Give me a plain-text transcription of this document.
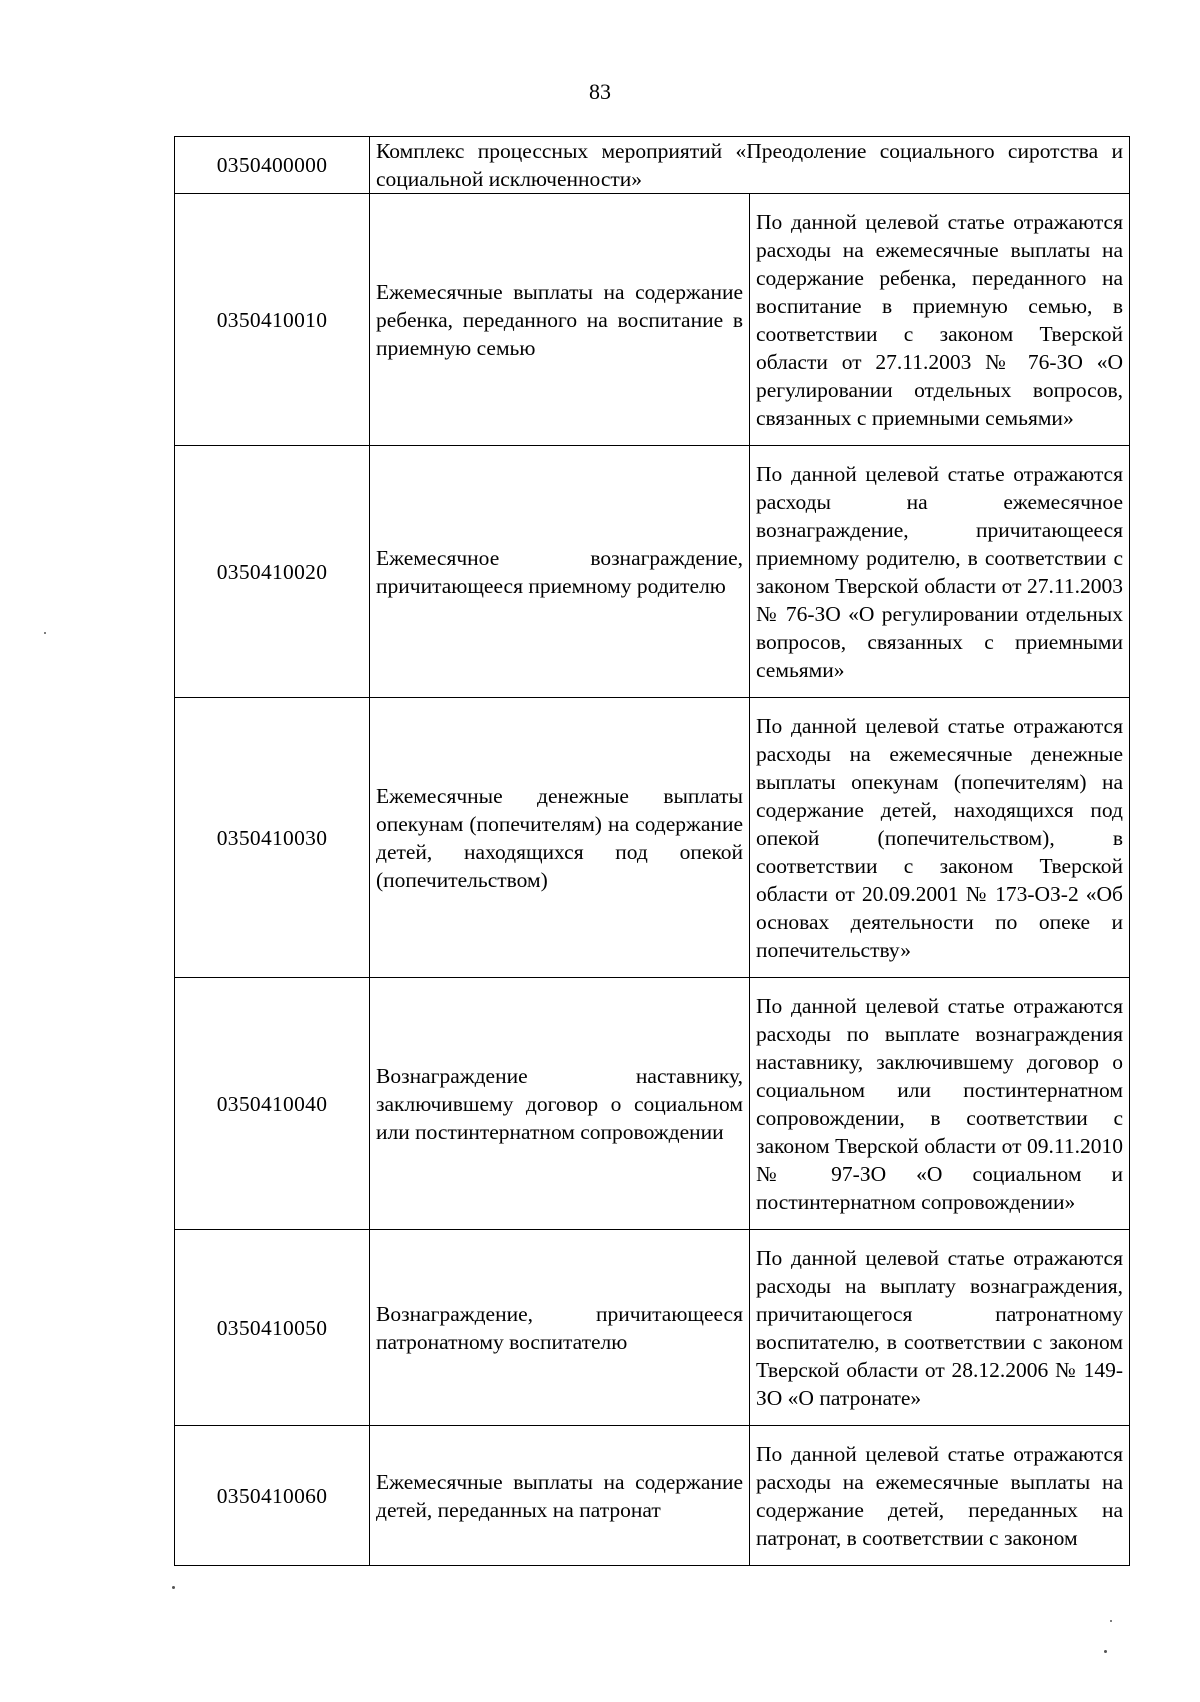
83
0350400000	Комплекс процессных мероприятий «Преодоление социального сиротства и социальной исключенности»	

0350410010	Ежемесячные выплаты на содержание ребенка, переданного на воспитание в приемную семью	По данной целевой статье отражаются расходы на ежемесячные выплаты на содержание ребенка, переданного на воспитание в приемную семью, в соответствии с законом Тверской области от 27.11.2003 № 76-ЗО «О регулировании отдельных вопросов, связанных с приемными семьями»

0350410020	Ежемесячное вознаграждение, причитающееся приемному родителю	По данной целевой статье отражаются расходы на ежемесячное вознаграждение, причитающееся приемному родителю, в соответствии с законом Тверской области от 27.11.2003 № 76-ЗО «О регулировании отдельных вопросов, связанных с приемными семьями»

0350410030	Ежемесячные денежные выплаты опекунам (попечителям) на содержание детей, находящихся под опекой (попечительством)	По данной целевой статье отражаются расходы на ежемесячные денежные выплаты опекунам (попечителям) на содержание детей, находящихся под опекой (попечительством), в соответствии с законом Тверской области от 20.09.2001 № 173-ОЗ-2 «Об основах деятельности по опеке и попечительству»

0350410040	Вознаграждение наставнику, заключившему договор о социальном или постинтернатном сопровождении	По данной целевой статье отражаются расходы по выплате вознаграждения наставнику, заключившему договор о социальном или постинтернатном сопровождении, в соответствии с законом Тверской области от 09.11.2010 № 97-ЗО «О социальном и постинтернатном сопровождении»

0350410050	Вознаграждение, причитающееся патронатному воспитателю	По данной целевой статье отражаются расходы на выплату вознаграждения, причитающегося патронатному воспитателю, в соответствии с законом Тверской области от 28.12.2006 № 149-ЗО «О патронате»

0350410060	Ежемесячные выплаты на содержание детей, переданных на патронат	По данной целевой статье отражаются расходы на ежемесячные выплаты на содержание детей, переданных на патронат, в соответствии с законом
